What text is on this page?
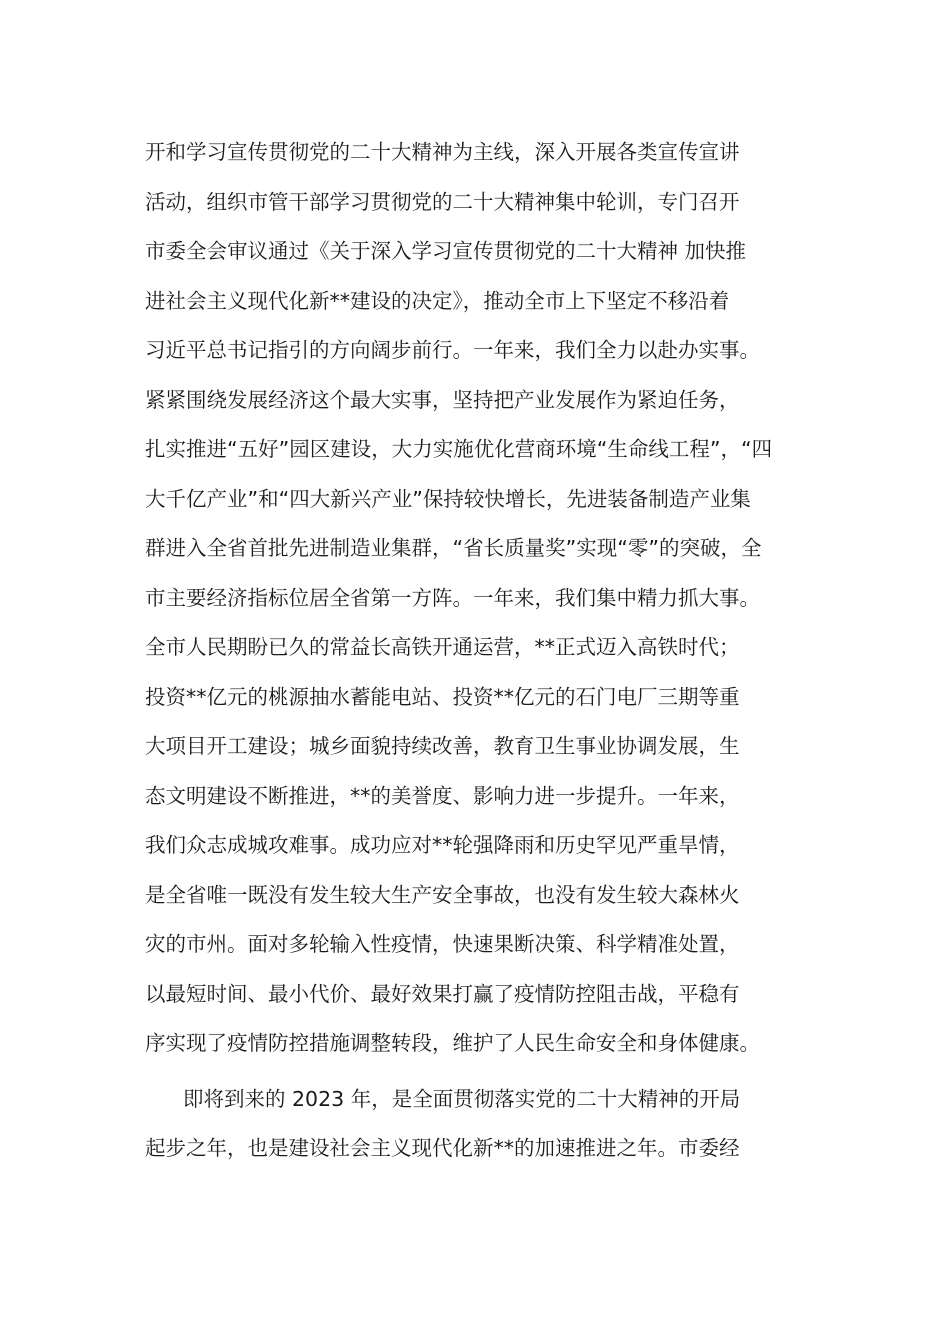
开和学习宣传贯彻党的二十大精神为主线，深入开展各类宣传宣讲
活动，组织市管干部学习贯彻党的二十大精神集中轮训，专门召开
市委全会审议通过《关于深入学习宣传贯彻党的二十大精神 加快推
进社会主义现代化新**建设的决定》，推动全市上下坚定不移沿着
习近平总书记指引的方向阔步前行。一年来，我们全力以赴办实事。
紧紧围绕发展经济这个最大实事，坚持把产业发展作为紧迫任务，
扎实推进“五好”园区建设，大力实施优化营商环境“生命线工程”，“四
大千亿产业”和“四大新兴产业”保持较快增长，先进装备制造产业集
群进入全省首批先进制造业集群，“省长质量奖”实现“零”的突破，全
市主要经济指标位居全省第一方阵。一年来，我们集中精力抓大事。
全市人民期盼已久的常益长高铁开通运营，**正式迈入高铁时代；
投资**亿元的桃源抽水蓄能电站、投资**亿元的石门电厂三期等重
大项目开工建设；城乡面貌持续改善，教育卫生事业协调发展，生
态文明建设不断推进，**的美誉度、影响力进一步提升。一年来，
我们众志成城攻难事。成功应对**轮强降雨和历史罕见严重旱情，
是全省唯一既没有发生较大生产安全事故，也没有发生较大森林火
灾的市州。面对多轮输入性疫情，快速果断决策、科学精准处置，
以最短时间、最小代价、最好效果打赢了疫情防控阻击战，平稳有
序实现了疫情防控措施调整转段，维护了人民生命安全和身体健康。
即将到来的 2023 年，是全面贯彻落实党的二十大精神的开局
起步之年，也是建设社会主义现代化新**的加速推进之年。市委经
